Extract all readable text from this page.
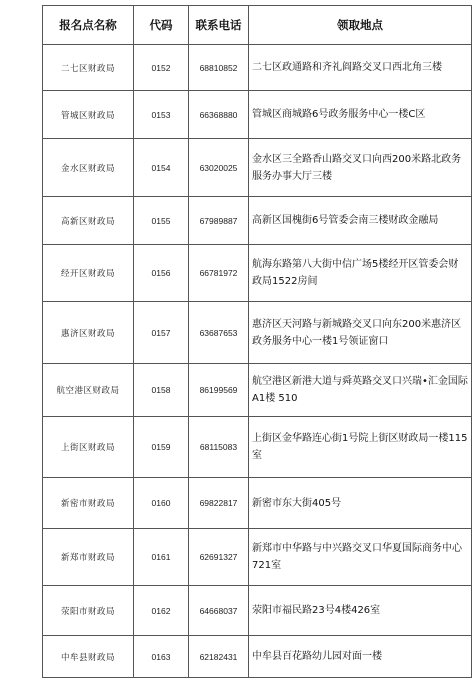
报名点名称	代码	联系电话	领取地点
二七区财政局	0152	68810852	二七区政通路和齐礼阎路交叉口西北角三楼
管城区财政局	0153	66368880	管城区商城路6号政务服务中心一楼C区
金水区财政局	0154	63020025	金水区三全路香山路交叉口向西200米路北政务服务办事大厅三楼
高新区财政局	0155	67989887	高新区国槐街6号管委会南三楼财政金融局
经开区财政局	0156	66781972	航海东路第八大街中信广场5楼经开区管委会财政局1522房间
惠济区财政局	0157	63687653	惠济区天河路与新城路交叉口向东200米惠济区政务服务中心一楼1号领证窗口
航空港区财政局	0158	86199569	航空港区新港大道与舜英路交叉口兴瑞•汇金国际A1楼 510
上街区财政局	0159	68115083	上街区金华路连心街1号院上街区财政局一楼115室
新密市财政局	0160	69822817	新密市东大街405号
新郑市财政局	0161	62691327	新郑市中华路与中兴路交叉口华夏国际商务中心721室
荥阳市财政局	0162	64668037	荥阳市福民路23号4楼426室
中牟县财政局	0163	62182431	中牟县百花路幼儿园对面一楼
